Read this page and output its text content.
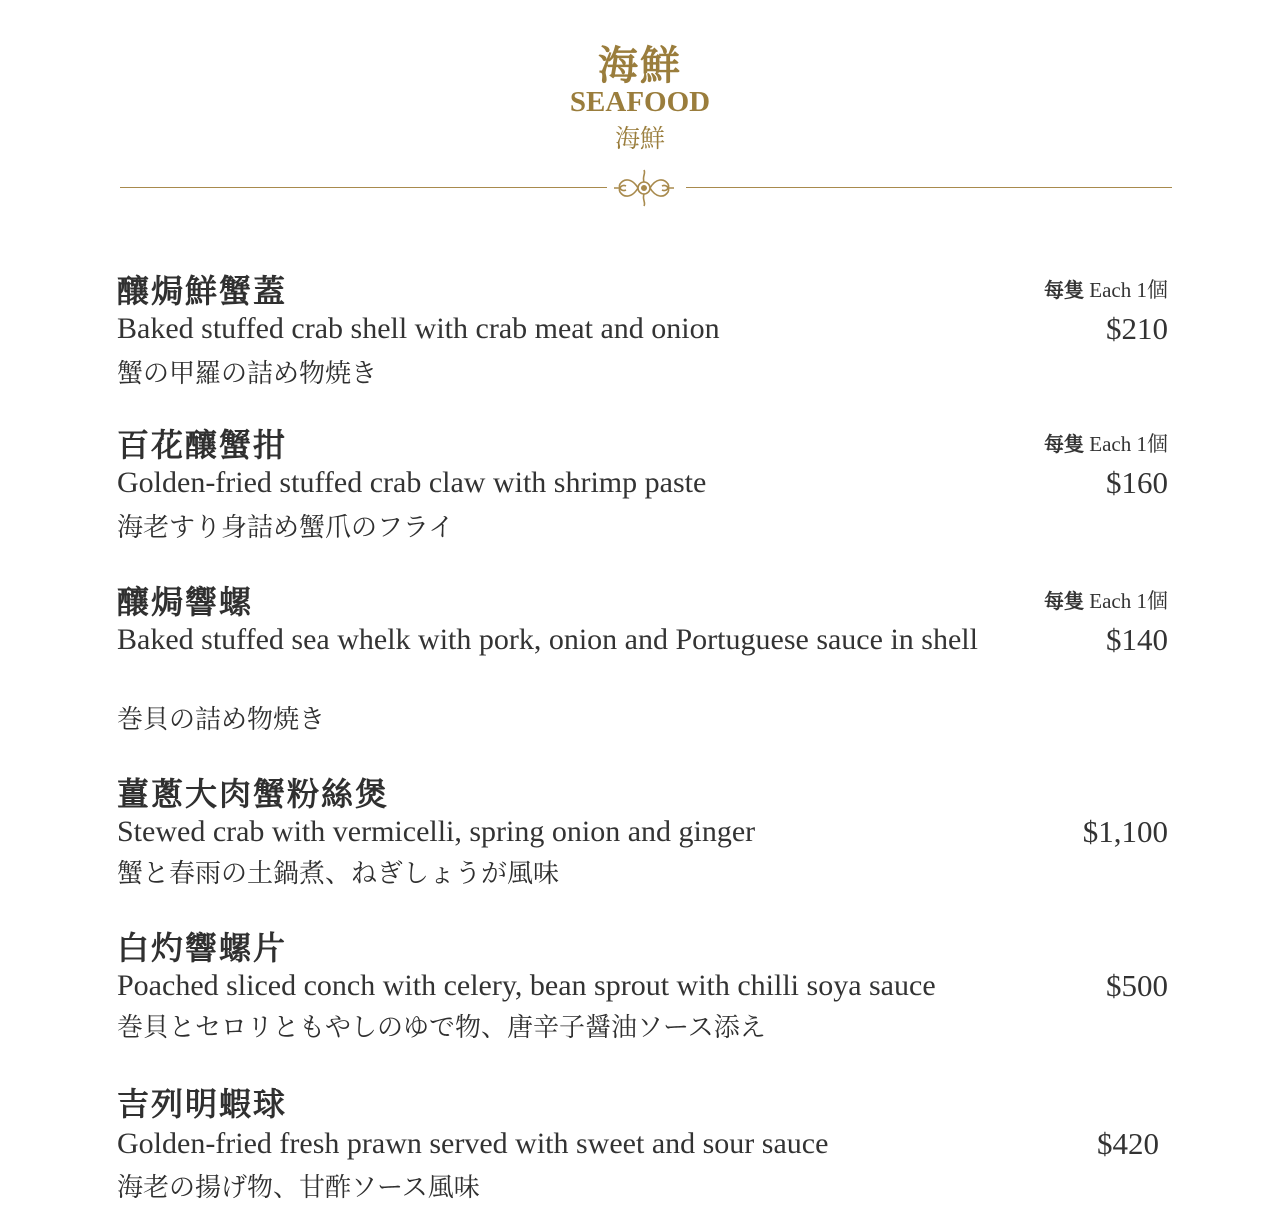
海鮮
SEAFOOD
海鮮
釀焗鮮蟹蓋	每隻 Each 1個
Baked stuffed crab shell with crab meat and onion
蟹の甲羅の詰め物焼き
$210
百花釀蟹拑	每隻 Each 1個
Golden-fried stuffed crab claw with shrimp paste
海老すり身詰め蟹爪のフライ
$160
釀焗響螺	每隻 Each 1個
Baked stuffed sea whelk with pork, onion and Portuguese sauce in shell
巻貝の詰め物焼き
$140
薑蔥大肉蟹粉絲煲
Stewed crab with vermicelli, spring onion and ginger
蟹と春雨の土鍋煮、ねぎしょうが風味
$1,100
白灼響螺片
Poached sliced conch with celery, bean sprout with chilli soya sauce
巻貝とセロリともやしのゆで物、唐辛子醤油ソース添え
$500
吉列明蝦球
Golden-fried fresh prawn served with sweet and sour sauce
海老の揚げ物、甘酢ソース風味
$420
